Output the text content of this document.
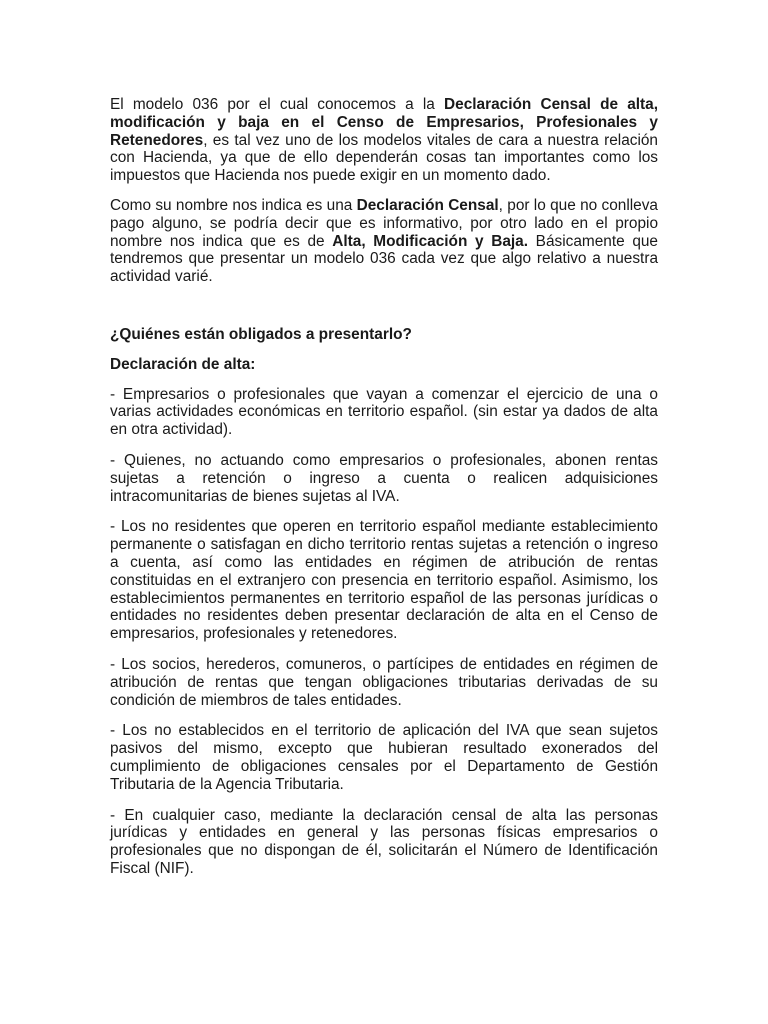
El modelo 036 por el cual conocemos a la Declaración Censal de alta, modificación y baja en el Censo de Empresarios, Profesionales y Retenedores, es tal vez uno de los modelos vitales de cara a nuestra relación con Hacienda, ya que de ello dependerán cosas tan importantes como los impuestos que Hacienda nos puede exigir en un momento dado.

Como su nombre nos indica es una Declaración Censal, por lo que no conlleva pago alguno, se podría decir que es informativo, por otro lado en el propio nombre nos indica que es de Alta, Modificación y Baja. Básicamente que tendremos que presentar un modelo 036 cada vez que algo relativo a nuestra actividad varié.

¿Quiénes están obligados a presentarlo?

Declaración de alta:

- Empresarios o profesionales que vayan a comenzar el ejercicio de una o varias actividades económicas en territorio español. (sin estar ya dados de alta en otra actividad).

- Quienes, no actuando como empresarios o profesionales, abonen rentas sujetas a retención o ingreso a cuenta o realicen adquisiciones intracomunitarias de bienes sujetas al IVA.

- Los no residentes que operen en territorio español mediante establecimiento permanente o satisfagan en dicho territorio rentas sujetas a retención o ingreso a cuenta, así como las entidades en régimen de atribución de rentas constituidas en el extranjero con presencia en territorio español. Asimismo, los establecimientos permanentes en territorio español de las personas jurídicas o entidades no residentes deben presentar declaración de alta en el Censo de empresarios, profesionales y retenedores.

- Los socios, herederos, comuneros, o partícipes de entidades en régimen de atribución de rentas que tengan obligaciones tributarias derivadas de su condición de miembros de tales entidades.

- Los no establecidos en el territorio de aplicación del IVA que sean sujetos pasivos del mismo, excepto que hubieran resultado exonerados del cumplimiento de obligaciones censales por el Departamento de Gestión Tributaria de la Agencia Tributaria.

- En cualquier caso, mediante la declaración censal de alta las personas jurídicas y entidades en general y las personas físicas empresarios o profesionales que no dispongan de él, solicitarán el Número de Identificación Fiscal (NIF).
